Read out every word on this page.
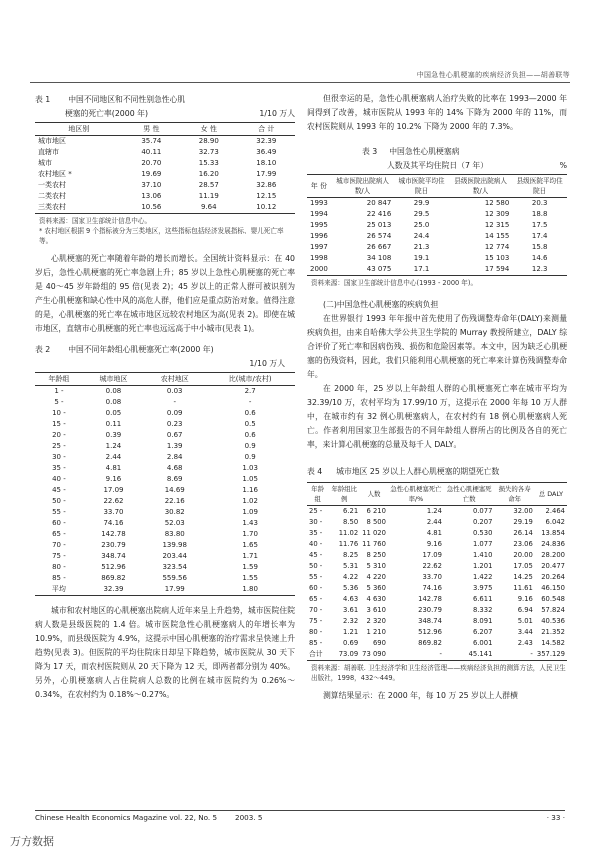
中国急性心肌梗塞的疾病经济负担——胡善联等
表 1 中国不同地区和不同性别急性心肌
梗塞的死亡率(2000 年)	1/10 万人
地区别	男 性	女 性	合 计
城市地区	35.74	28.90	32.39
直辖市	40.11	32.73	36.49
城市	20.70	15.33	18.10
农村地区 *	19.69	16.20	17.99
一类农村	37.10	28.57	32.86
二类农村	13.06	11.19	12.15
三类农村	10.56	9.64	10.12
资料来源：国家卫生部统计信息中心。
* 农村地区根据 9 个指标被分为三类地区，这些指标包括经济发展指标、婴儿死亡率等。

心肌梗塞的死亡率随着年龄的增长而增长。全国统计资料显示：在 40 岁后，急性心肌梗塞的死亡率急剧上升；85 岁以上急性心肌梗塞的死亡率是 40～45 岁年龄组的 95 倍(见表 2)；45 岁以上的正常人群可被识别为产生心肌梗塞和缺心性中风的高危人群，他们应是重点防治对象。值得注意的是，心肌梗塞的死亡率在城市地区远较农村地区为高(见表 2)。即使在城市地区，直辖市心肌梗塞的死亡率也远远高于中小城市(见表 1)。

表 2 中国不同年龄组心肌梗塞死亡率(2000 年)
1/10 万人
年龄组	城市地区	农村地区	比(城市/农村)
1 -	0.08	0.03	2.7
5 -	0.08	-	-
10 -	0.05	0.09	0.6
15 -	0.11	0.23	0.5
20 -	0.39	0.67	0.6
25 -	1.24	1.39	0.9
30 -	2.44	2.84	0.9
35 -	4.81	4.68	1.03
40 -	9.16	8.69	1.05
45 -	17.09	14.69	1.16
50 -	22.62	22.16	1.02
55 -	33.70	30.82	1.09
60 -	74.16	52.03	1.43
65 -	142.78	83.80	1.70
70 -	230.79	139.98	1.65
75 -	348.74	203.44	1.71
80 -	512.96	323.54	1.59
85 -	869.82	559.56	1.55
平均	32.39	17.99	1.80

城市和农村地区的心肌梗塞出院病人近年来呈上升趋势，城市医院住院病人数是县级医院的 1.4 倍。城市医院急性心肌梗塞病人的年增长率为 10.9%，而县级医院为 4.9%，这提示中国心肌梗塞的治疗需求呈快速上升趋势(见表 3)。但医院的平均住院床日却呈下降趋势，城市医院从 30 天下降为 17 天，而农村医院则从 20 天下降为 12 天，即两者都分别为 40%。另外，心肌梗塞病人占住院病人总数的比例在城市医院约为 0.26%～0.34%，在农村约为 0.18%～0.27%。

但很幸运的是，急性心肌梗塞病人治疗失败的比率在 1993—2000 年间得到了改善，城市医院从 1993 年的 14% 下降为 2000 年的 11%，而农村医院则从 1993 年的 10.2% 下降为 2000 年的 7.3%。

表 3 中国急性心肌梗塞病
人数及其平均住院日（7 年）	%
年 份	城市医院出院病人数/人	城市医院平均住院日	县级医院出院病人数/人	县级医院平均住院日
1993	20 847	29.9	12 580	20.3
1994	22 416	29.5	12 309	18.8
1995	25 013	25.0	12 315	17.5
1996	26 574	24.4	14 155	17.4
1997	26 667	21.3	12 774	15.8
1998	34 108	19.1	15 103	14.6
2000	43 075	17.1	17 594	12.3
资料来源：国家卫生部统计信息中心(1993 - 2000 年)。

(二)中国急性心肌梗塞的疾病负担

在世界银行 1993 年年报中首先使用了伤残调整寿命年(DALY)来测量疾病负担，由来自哈佛大学公共卫生学院的 Murray 教授所建立，DALY 综合评价了死亡率和因病伤残、损伤和危险因素等。本文中，因为缺乏心肌梗塞的伤残资料，因此，我们只能利用心肌梗塞的死亡率来计算伤残调整寿命年。

在 2000 年，25 岁以上年龄组人群的心肌梗塞死亡率在城市平均为 32.39/10 万，农村平均为 17.99/10 万，这提示在 2000 年每 10 万人群中，在城市约有 32 例心肌梗塞病人，在农村约有 18 例心肌梗塞病人死亡。作者利用国家卫生部报告的不同年龄组人群所占的比例及各自的死亡率，来计算心肌梗塞的总量及每千人 DALY。

表 4 城市地区 25 岁以上人群心肌梗塞的期望死亡数
年龄组	年龄组比例	人数	急性心肌梗塞死亡率/%	急性心肌梗塞死亡数	损失的各寿命年	总 DALY
25 -	6.21	6 210	1.24	0.077	32.00	2.464
30 -	8.50	8 500	2.44	0.207	29.19	6.042
35 -	11.02	11 020	4.81	0.530	26.14	13.854
40 -	11.76	11 760	9.16	1.077	23.06	24.836
45 -	8.25	8 250	17.09	1.410	20.00	28.200
50 -	5.31	5 310	22.62	1.201	17.05	20.477
55 -	4.22	4 220	33.70	1.422	14.25	20.264
60 -	5.36	5 360	74.16	3.975	11.61	46.150
65 -	4.63	4 630	142.78	6.611	9.16	60.548
70 -	3.61	3 610	230.79	8.332	6.94	57.824
75 -	2.32	2 320	348.74	8.091	5.01	40.536
80 -	1.21	1 210	512.96	6.207	3.44	21.352
85 -	0.69	690	869.82	6.001	2.43	14.582
合计	73.09	73 090	-	45.141	-	357.129
资料来源：胡善联. 卫生经济学和卫生经济管理——疾病经济负担的测算方法，人民卫生出版社，1998，432～449。

测算结果显示：在 2000 年，每 10 万 25 岁以上人群横

Chinese Health Economics Magazine vol. 22, No. 5 2003. 5	· 33 ·
万方数据
